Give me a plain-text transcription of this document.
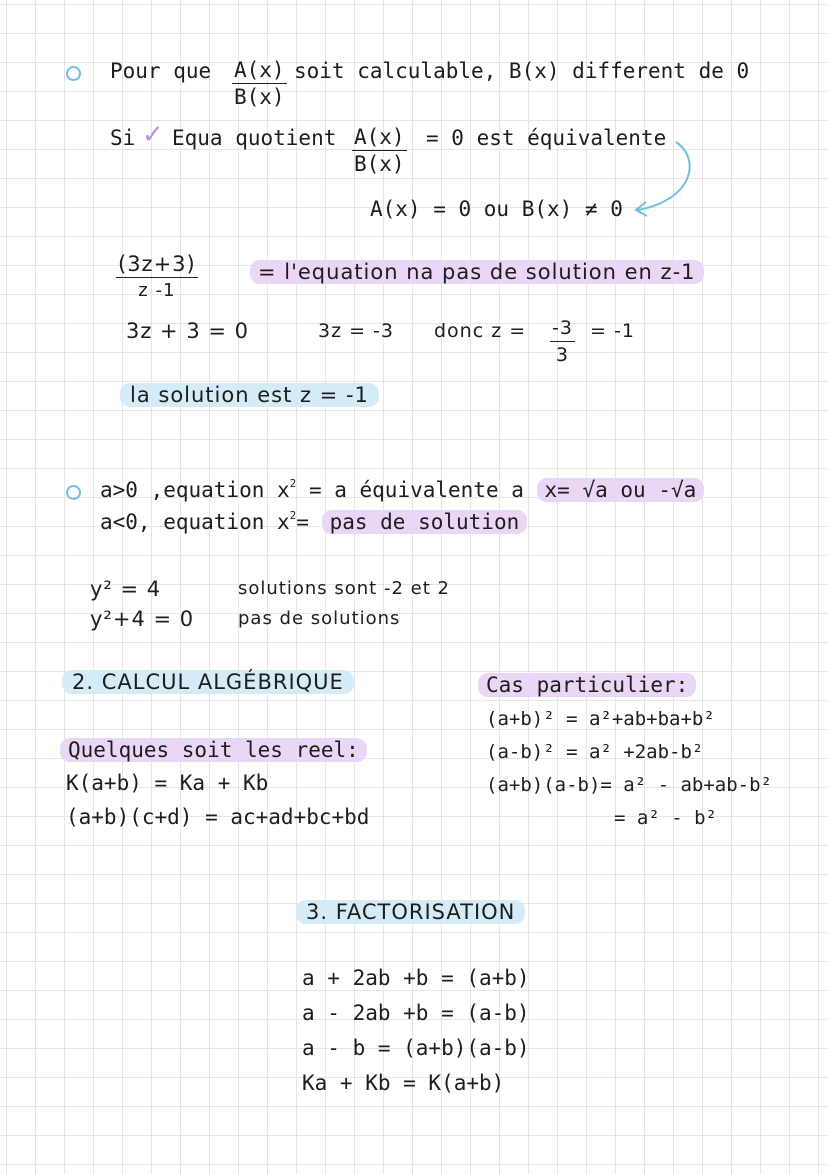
Pour que $\frac{A(x)}{B(x)}$ soit calculable, B(x) different de 0
Si ✓ Equa quotient $\frac{A(x)}{B(x)} = 0$ est équivalente
A(x) = 0 ou B(x) ≠ 0
$\frac{(3z+3)}{z -1}$	= l'equation na pas de solution en z-1
3z + 3 = 0	3z = -3 donc $z = \frac{-3}{3} = -1$
la solution est z = -1
a>0 ,equation $x^2 = a$ équivalente a x= √a ou -√a
a<0, equation $x^2=$ pas de solution
y² = 4	solutions sont -2 et 2
y²+4 = 0 pas de solutions
2. CALCUL ALGÉBRIQUE
Quelques soit les reel:
K(a+b) = Ka + Kb
(a+b)(c+d) = ac+ad+bc+bd
Cas particulier:
(a+b)² = a²+ab+ba+b²
(a-b)² = a² +2ab-b²
(a+b)(a-b)= a² - ab+ab-b²
= a² - b²
3. FACTORISATION
a + 2ab +b = (a+b)
a - 2ab +b = (a-b)
a - b = (a+b)(a-b)
Ka + Kb = K(a+b)
